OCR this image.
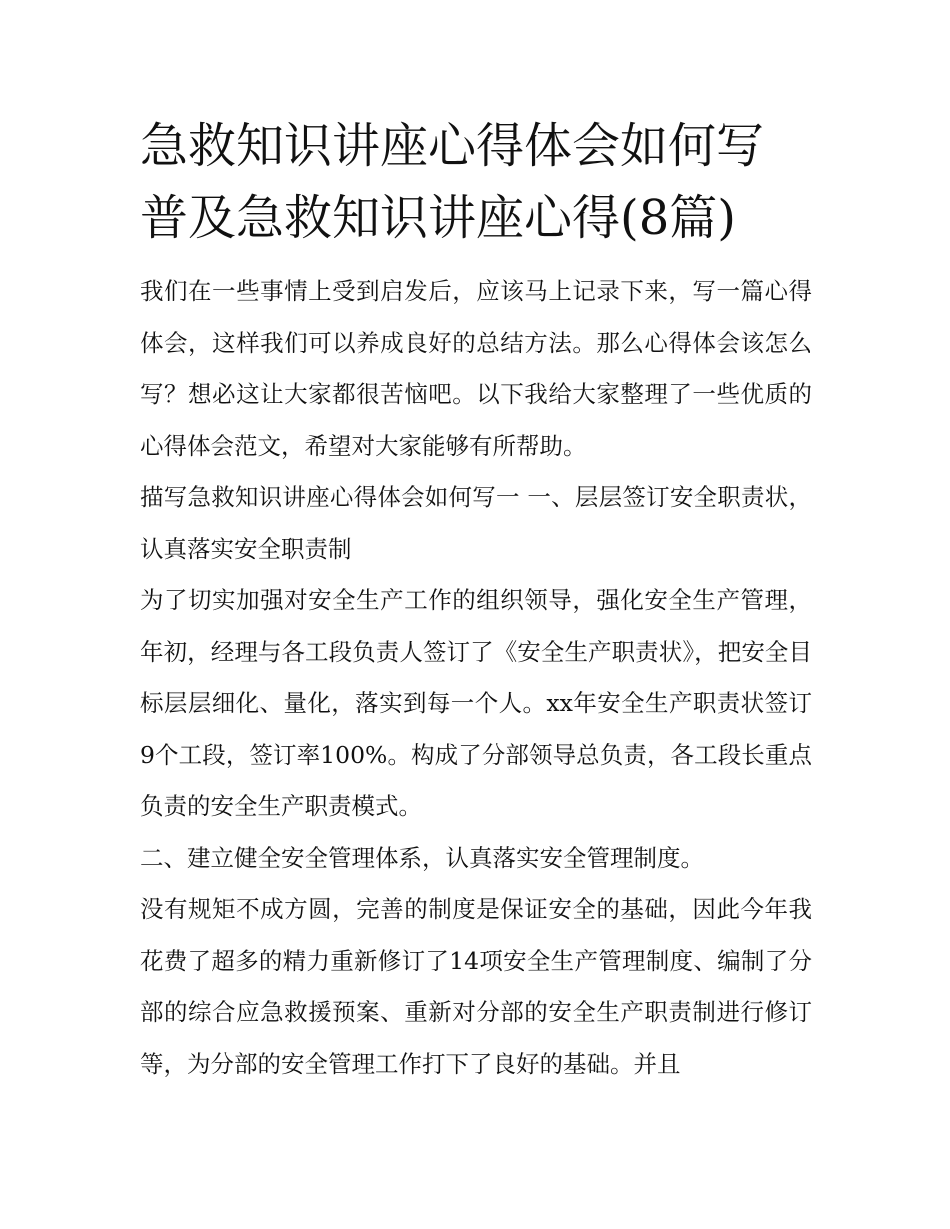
急救知识讲座心得体会如何写
普及急救知识讲座心得(8篇)

我们在一些事情上受到启发后，应该马上记录下来，写一篇心得体会，这样我们可以养成良好的总结方法。那么心得体会该怎么写？想必这让大家都很苦恼吧。以下我给大家整理了一些优质的心得体会范文，希望对大家能够有所帮助。

描写急救知识讲座心得体会如何写一 一、层层签订安全职责状，认真落实安全职责制

为了切实加强对安全生产工作的组织领导，强化安全生产管理，年初，经理与各工段负责人签订了《安全生产职责状》，把安全目标层层细化、量化，落实到每一个人。xx年安全生产职责状签订9个工段，签订率100%。构成了分部领导总负责，各工段长重点负责的安全生产职责模式。

二、建立健全安全管理体系，认真落实安全管理制度。

没有规矩不成方圆，完善的制度是保证安全的基础，因此今年我花费了超多的精力重新修订了14项安全生产管理制度、编制了分部的综合应急救援预案、重新对分部的安全生产职责制进行修订等，为分部的安全管理工作打下了良好的基础。并且
